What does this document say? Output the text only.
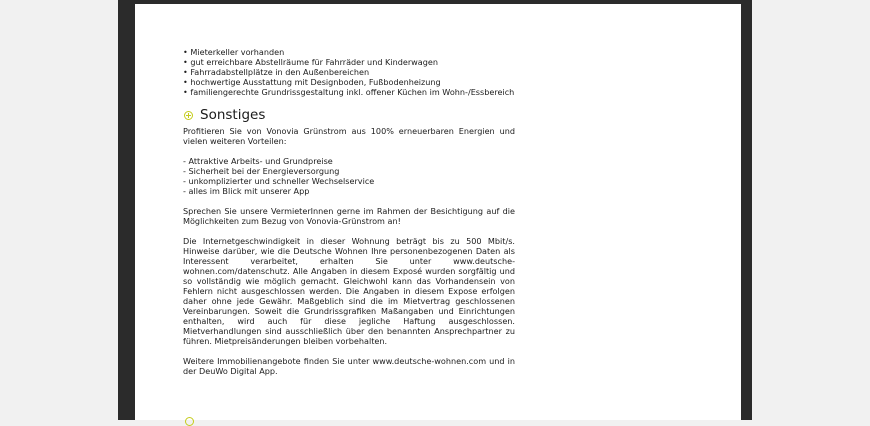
• Mieterkeller vorhanden
• gut erreichbare Abstellräume für Fahrräder und Kinderwagen
• Fahrradabstellplätze in den Außenbereichen
• hochwertige Ausstattung mit Designboden, Fußbodenheizung
• familiengerechte Grundrissgestaltung inkl. offener Küchen im Wohn-/Essbereich
Sonstiges

Profitieren Sie von Vonovia Grünstrom aus 100% erneuerbaren Energien und vielen weiteren Vorteilen:

- Attraktive Arbeits- und Grundpreise
- Sicherheit bei der Energieversorgung
- unkomplizierter und schneller Wechselservice
- alles im Blick mit unserer App

Sprechen Sie unsere VermieterInnen gerne im Rahmen der Besichtigung auf die Möglichkeiten zum Bezug von Vonovia-Grünstrom an!

Die Internetgeschwindigkeit in dieser Wohnung beträgt bis zu 500 Mbit/s. Hinweise darüber, wie die Deutsche Wohnen Ihre personenbezogenen Daten als Interessent verarbeitet, erhalten Sie unter www.deutsche-wohnen.com/datenschutz. Alle Angaben in diesem Exposé wurden sorgfältig und so vollständig wie möglich gemacht. Gleichwohl kann das Vorhandensein von Fehlern nicht ausgeschlossen werden. Die Angaben in diesem Expose erfolgen daher ohne jede Gewähr. Maßgeblich sind die im Mietvertrag geschlossenen Vereinbarungen. Soweit die Grundrissgrafiken Maßangaben und Einrichtungen enthalten, wird auch für diese jegliche Haftung ausgeschlossen. Mietverhandlungen sind ausschließlich über den benannten Ansprechpartner zu führen. Mietpreisänderungen bleiben vorbehalten.

Weitere Immobilienangebote finden Sie unter www.deutsche-wohnen.com und in der DeuWo Digital App.
